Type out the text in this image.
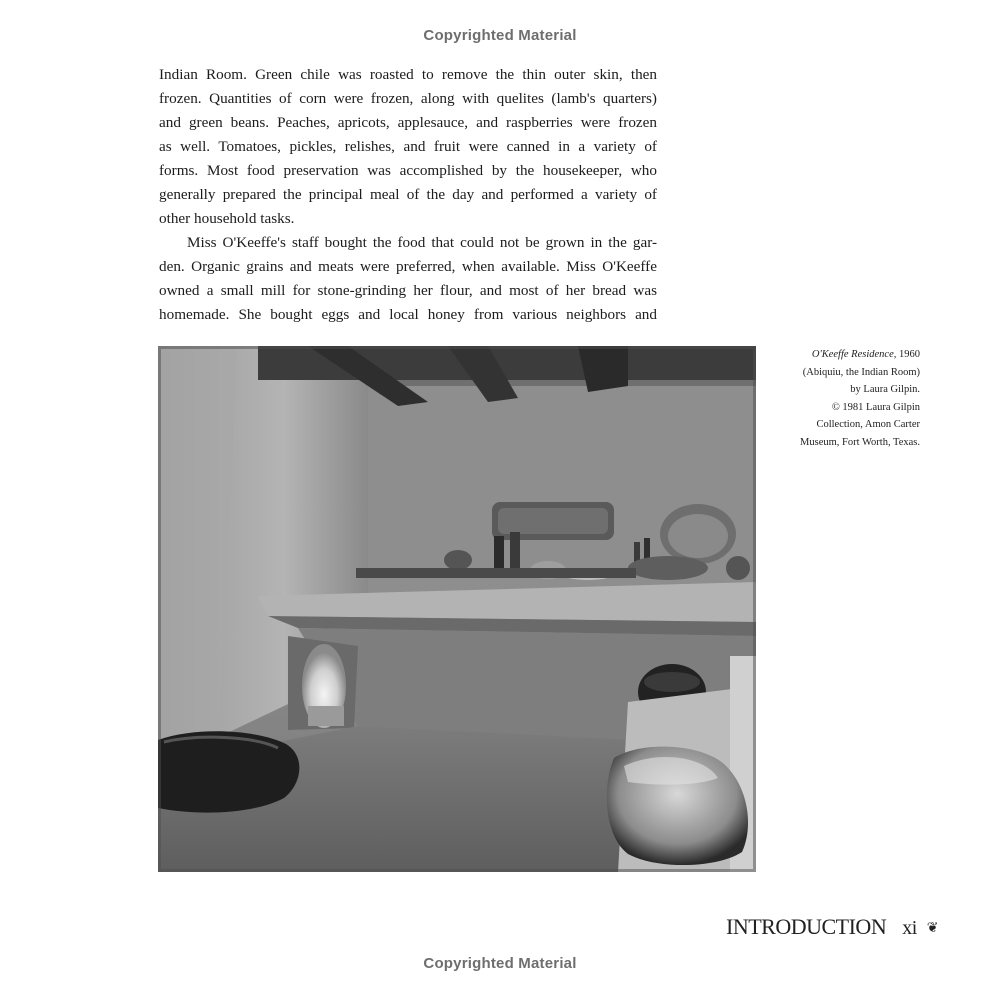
Copyrighted Material

Indian Room. Green chile was roasted to remove the thin outer skin, then
frozen. Quantities of corn were frozen, along with quelites (lamb's quarters)
and green beans. Peaches, apricots, applesauce, and raspberries were frozen
as well. Tomatoes, pickles, relishes, and fruit were canned in a variety of
forms. Most food preservation was accomplished by the housekeeper, who
generally prepared the principal meal of the day and performed a variety of
other household tasks.

Miss O'Keeffe's staff bought the food that could not be grown in the gar-
den. Organic grains and meats were preferred, when available. Miss O'Keeffe
owned a small mill for stone-grinding her flour, and most of her bread was
homemade. She bought eggs and local honey from various neighbors and

O'Keeffe Residence, 1960
(Abiquiu, the Indian Room)
by Laura Gilpin.
© 1981 Laura Gilpin
Collection, Amon Carter
Museum, Fort Worth, Texas.
INTRODUCTION xi ❦
Copyrighted Material
